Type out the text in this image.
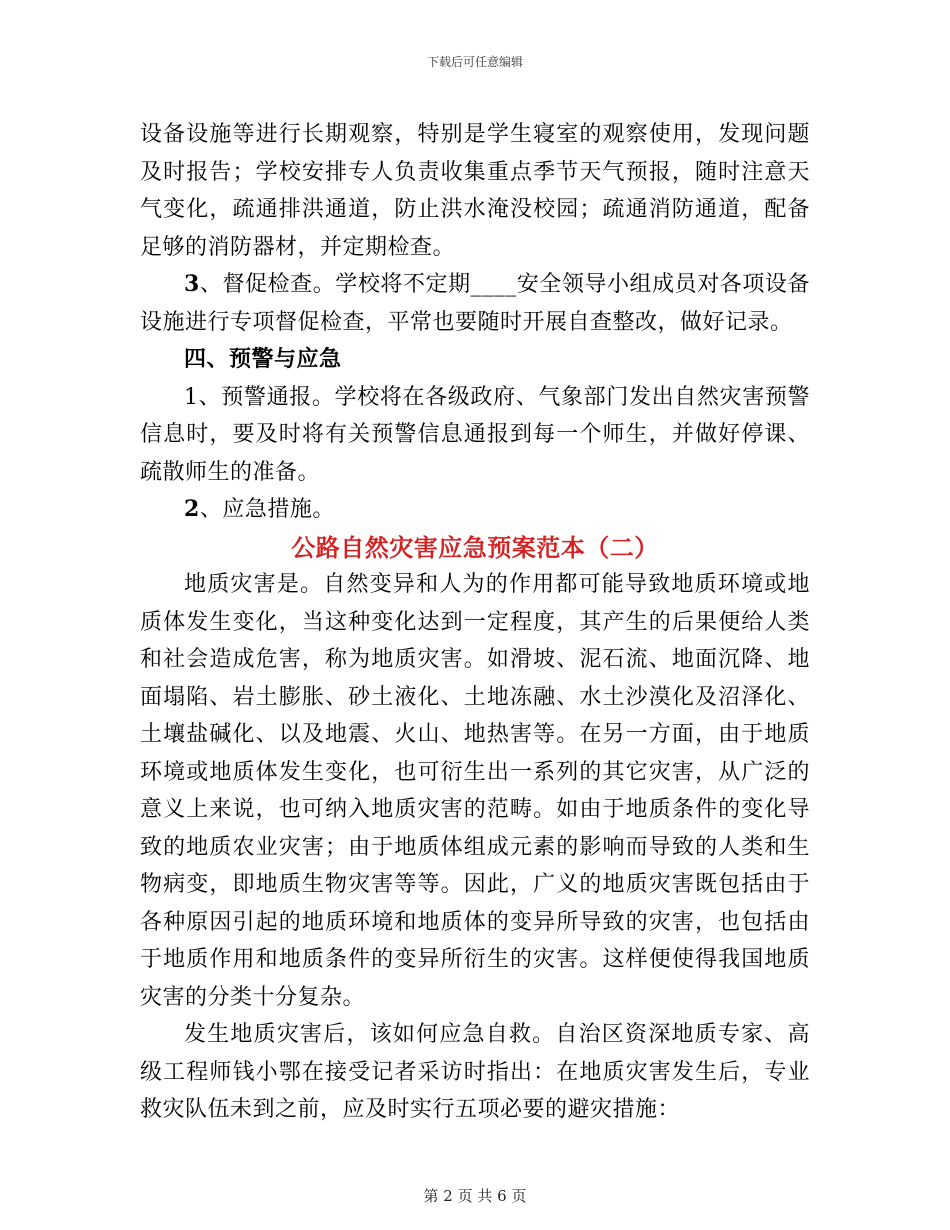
下载后可任意编辑

设备设施等进行长期观察，特别是学生寝室的观察使用，发现问题及时报告；学校安排专人负责收集重点季节天气预报，随时注意天气变化，疏通排洪通道，防止洪水淹没校园；疏通消防通道，配备足够的消防器材，并定期检查。

3、督促检查。学校将不定期____安全领导小组成员对各项设备设施进行专项督促检查，平常也要随时开展自查整改，做好记录。

四、预警与应急

1、预警通报。学校将在各级政府、气象部门发出自然灾害预警信息时，要及时将有关预警信息通报到每一个师生，并做好停课、疏散师生的准备。

2、应急措施。

公路自然灾害应急预案范本（二）

地质灾害是。自然变异和人为的作用都可能导致地质环境或地质体发生变化，当这种变化达到一定程度，其产生的后果便给人类和社会造成危害，称为地质灾害。如滑坡、泥石流、地面沉降、地面塌陷、岩土膨胀、砂土液化、土地冻融、水土沙漠化及沼泽化、土壤盐碱化、以及地震、火山、地热害等。在另一方面，由于地质环境或地质体发生变化，也可衍生出一系列的其它灾害，从广泛的意义上来说，也可纳入地质灾害的范畴。如由于地质条件的变化导致的地质农业灾害；由于地质体组成元素的影响而导致的人类和生物病变，即地质生物灾害等等。因此，广义的地质灾害既包括由于各种原因引起的地质环境和地质体的变异所导致的灾害，也包括由于地质作用和地质条件的变异所衍生的灾害。这样便使得我国地质灾害的分类十分复杂。

发生地质灾害后，该如何应急自救。自治区资深地质专家、高级工程师钱小鄂在接受记者采访时指出：在地质灾害发生后，专业救灾队伍未到之前，应及时实行五项必要的避灾措施：

第 2 页 共 6 页
